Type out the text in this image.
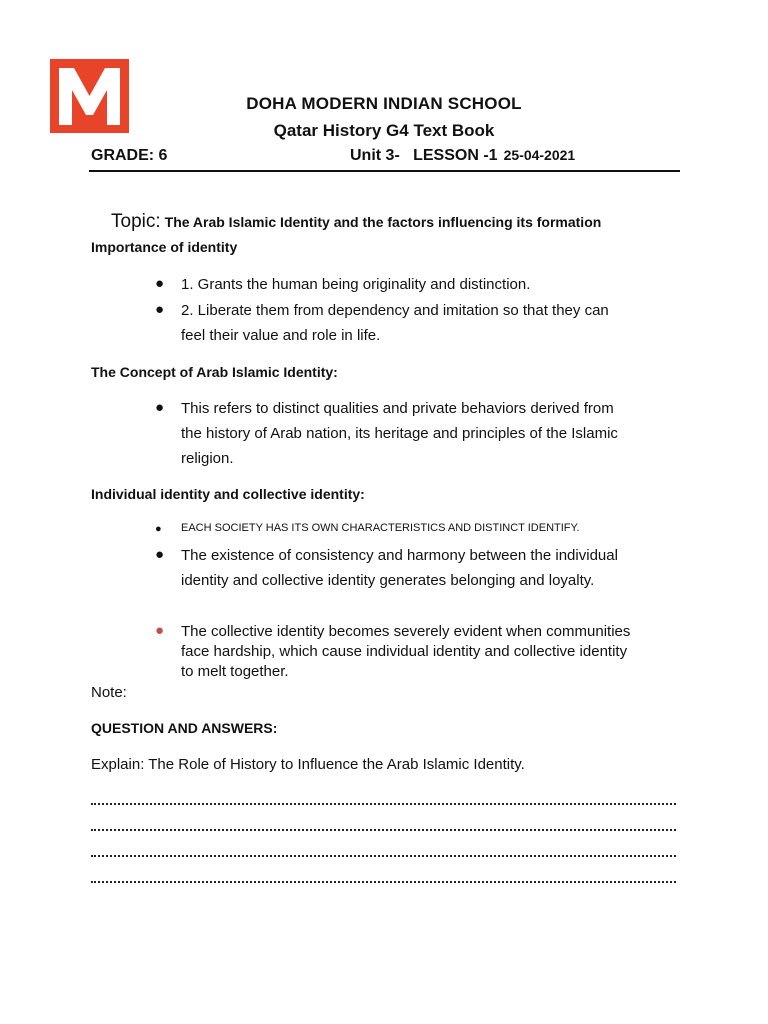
DOHA MODERN INDIAN SCHOOL
Qatar History G4 Text Book
GRADE: 6	Unit 3-   LESSON -1 25-04-2021
Topic: The Arab Islamic Identity and the factors influencing its formation
Importance of identity
● 1. Grants the human being originality and distinction.
● 2. Liberate them from dependency and imitation so that they can
feel their value and role in life.
The Concept of Arab Islamic Identity:
● This refers to distinct qualities and private behaviors derived from
the history of Arab nation, its heritage and principles of the Islamic
religion.
Individual identity and collective identity:
● EACH SOCIETY HAS ITS OWN CHARACTERISTICS AND DISTINCT IDENTIFY.
● The existence of consistency and harmony between the individual
identity and collective identity generates belonging and loyalty.
● The collective identity becomes severely evident when communities
face hardship, which cause individual identity and collective identity
to melt together.
Note:
QUESTION AND ANSWERS:
Explain: The Role of History to Influence the Arab Islamic Identity.
